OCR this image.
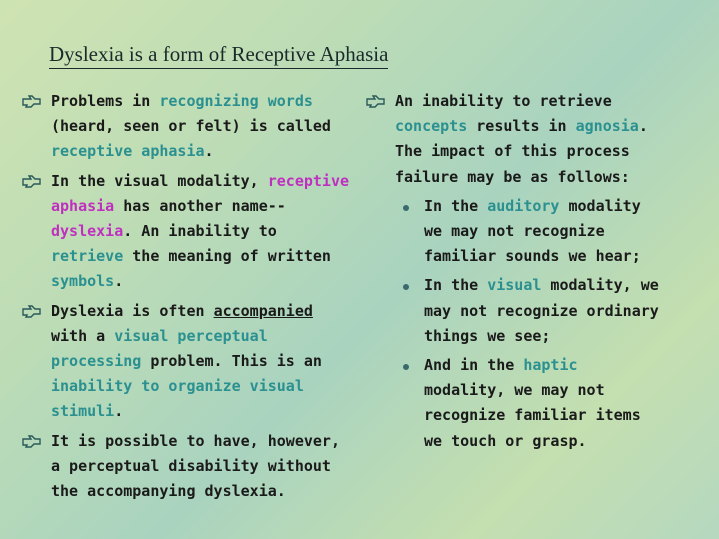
Dyslexia is a form of Receptive Aphasia
Problems in recognizing words (heard, seen or felt) is called receptive aphasia.
In the visual modality, receptive aphasia has another name--dyslexia. An inability to retrieve the meaning of written symbols.
Dyslexia is often accompanied with a visual perceptual processing problem. This is an inability to organize visual stimuli.
It is possible to have, however, a perceptual disability without the accompanying dyslexia.
An inability to retrieve concepts results in agnosia. The impact of this process failure may be as follows:
In the auditory modality we may not recognize familiar sounds we hear;
In the visual modality, we may not recognize ordinary things we see;
And in the haptic modality, we may not recognize familiar items we touch or grasp.
